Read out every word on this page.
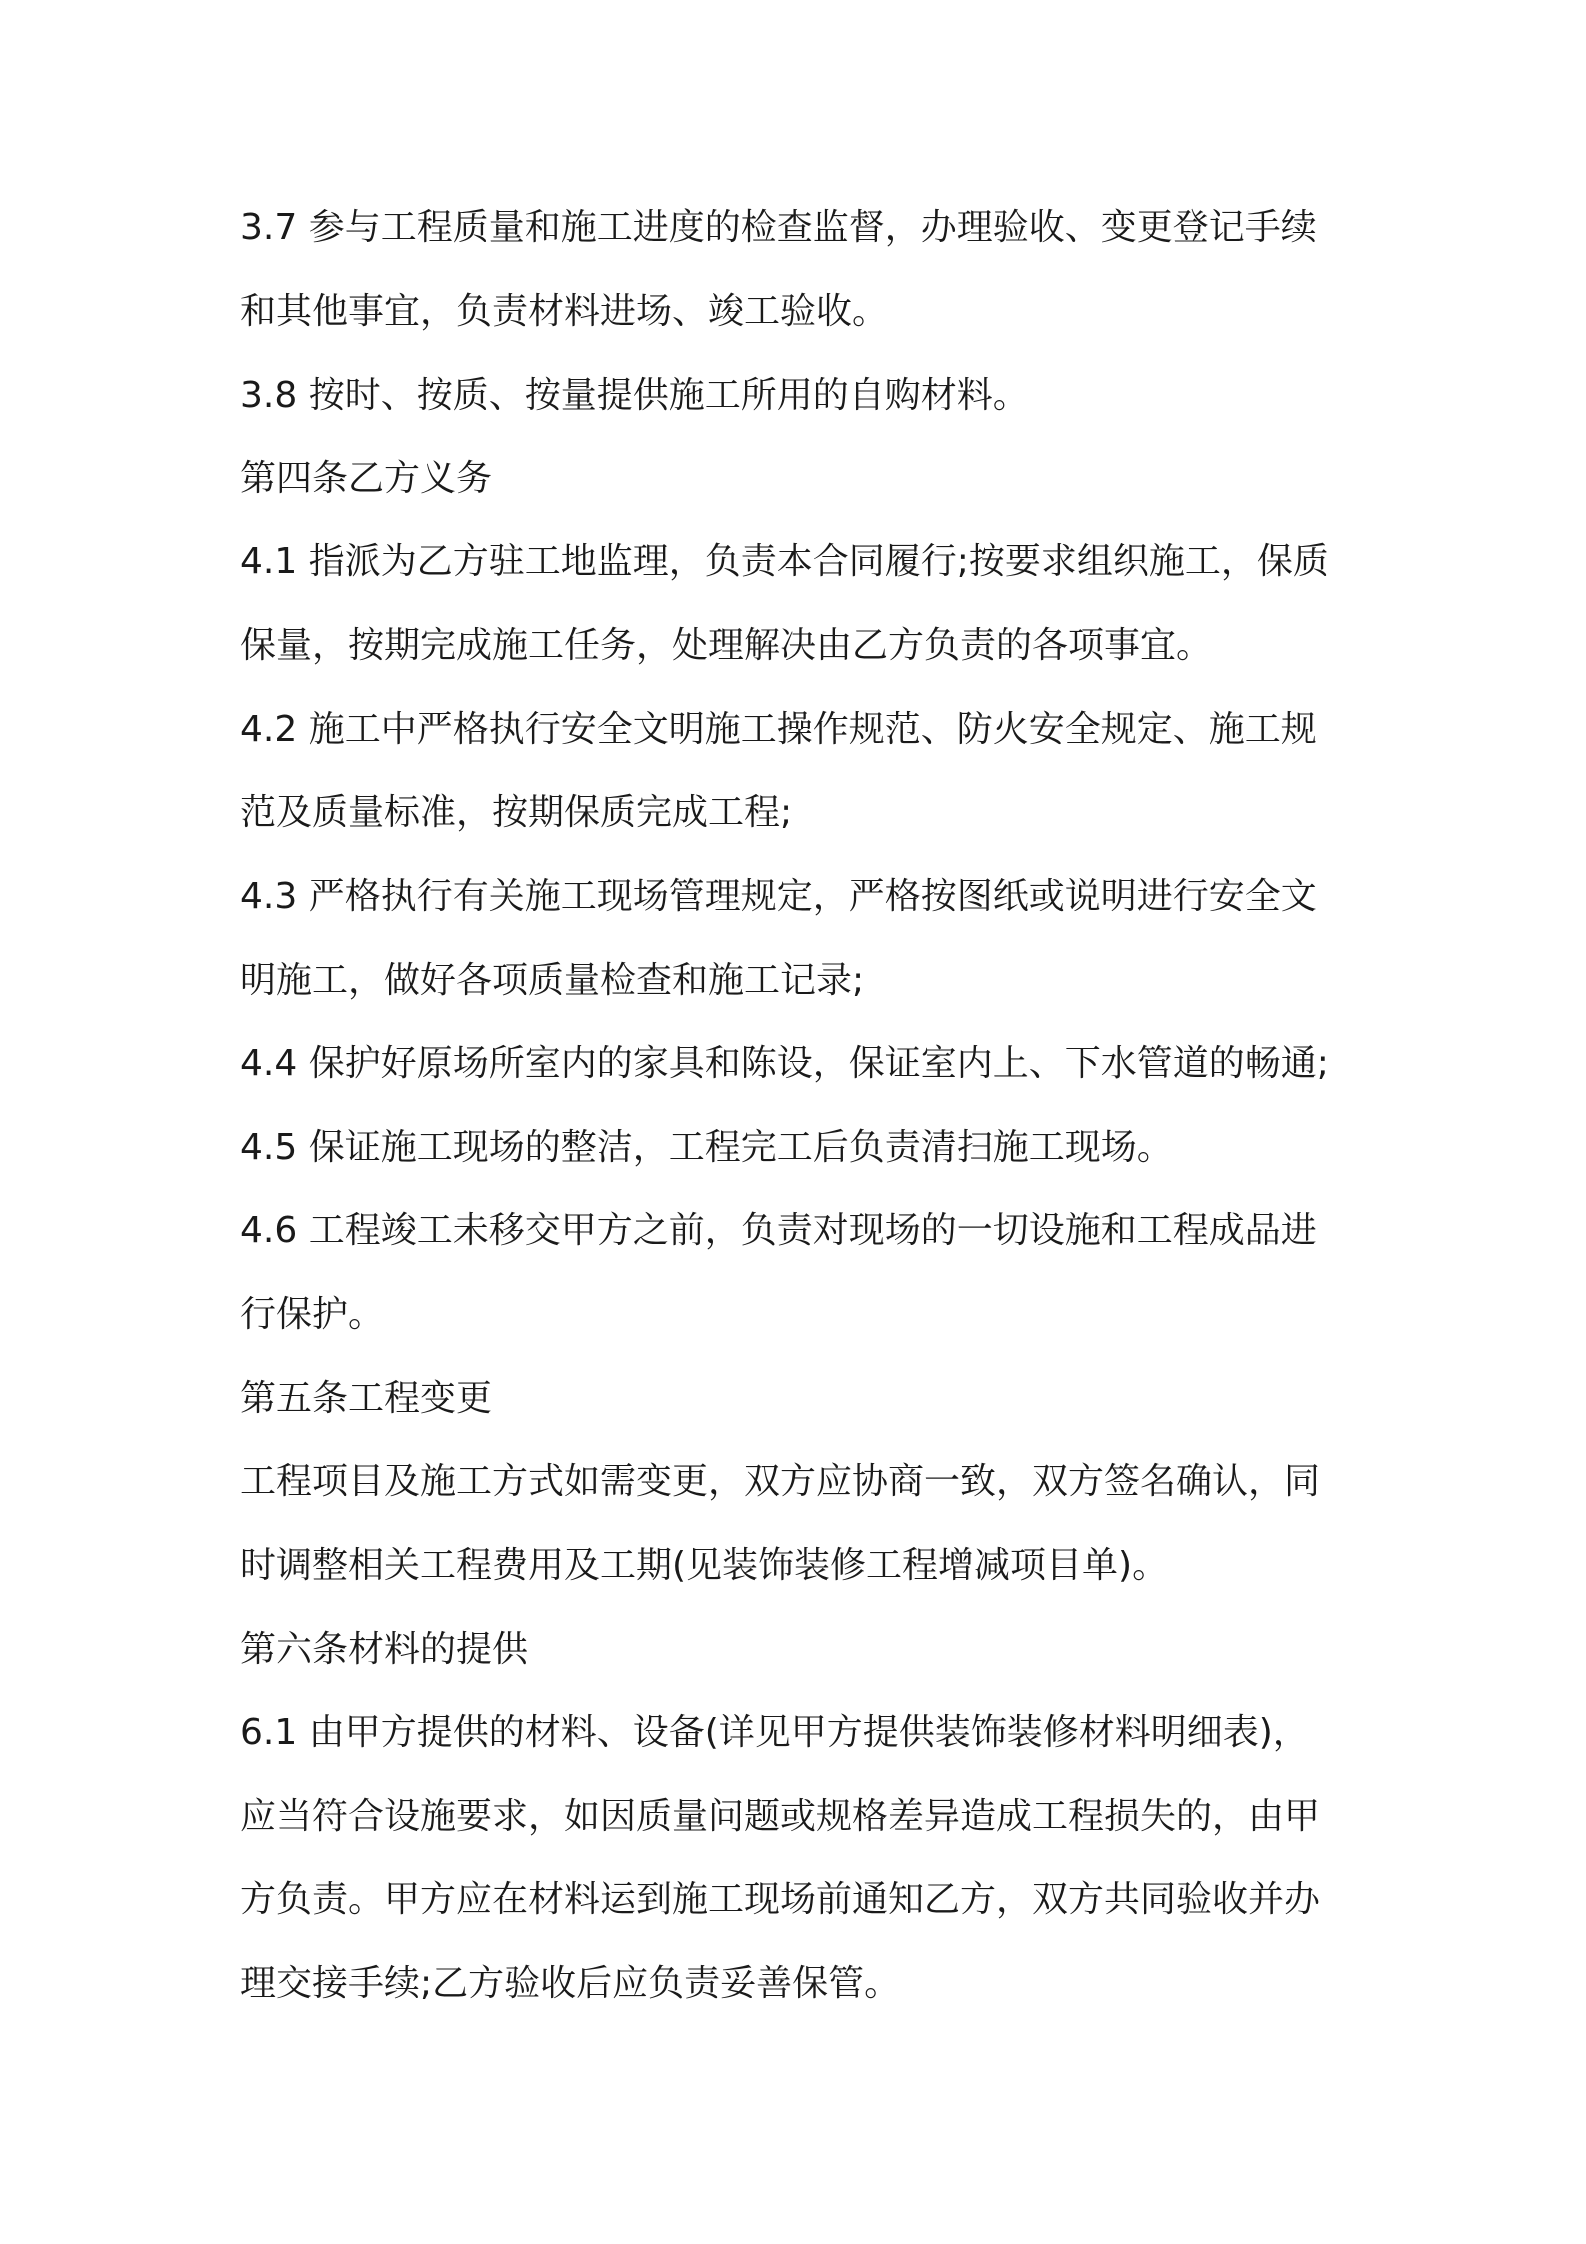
3.7 参与工程质量和施工进度的检查监督，办理验收、变更登记手续

和其他事宜，负责材料进场、竣工验收。

3.8 按时、按质、按量提供施工所用的自购材料。

第四条乙方义务

4.1 指派为乙方驻工地监理，负责本合同履行;按要求组织施工，保质

保量，按期完成施工任务，处理解决由乙方负责的各项事宜。

4.2 施工中严格执行安全文明施工操作规范、防火安全规定、施工规

范及质量标准，按期保质完成工程;

4.3 严格执行有关施工现场管理规定，严格按图纸或说明进行安全文

明施工，做好各项质量检查和施工记录;

4.4 保护好原场所室内的家具和陈设，保证室内上、下水管道的畅通;

4.5 保证施工现场的整洁，工程完工后负责清扫施工现场。

4.6 工程竣工未移交甲方之前，负责对现场的一切设施和工程成品进

行保护。

第五条工程变更

工程项目及施工方式如需变更，双方应协商一致，双方签名确认，同

时调整相关工程费用及工期(见装饰装修工程增减项目单)。

第六条材料的提供

6.1 由甲方提供的材料、设备(详见甲方提供装饰装修材料明细表)，

应当符合设施要求，如因质量问题或规格差异造成工程损失的，由甲

方负责。甲方应在材料运到施工现场前通知乙方，双方共同验收并办

理交接手续;乙方验收后应负责妥善保管。
